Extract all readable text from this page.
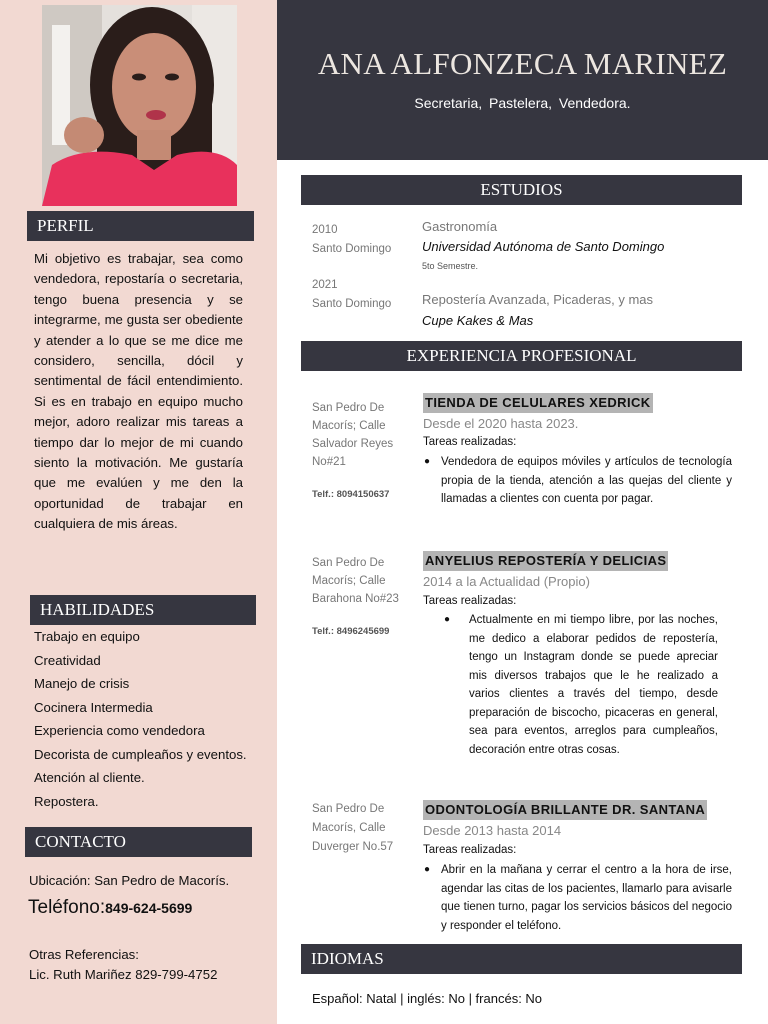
PERFIL
Mi objetivo es trabajar, sea como vendedora, repostaría o secretaria, tengo buena presencia y se integrarme, me gusta ser obediente y atender a lo que se me dice me considero, sencilla, dócil y sentimental de fácil entendimiento. Si es en trabajo en equipo mucho mejor, adoro realizar mis tareas a tiempo dar lo mejor de mi cuando siento la motivación. Me gustaría que me evalúen y me den la oportunidad de trabajar en cualquiera de mis áreas.
HABILIDADES
Trabajo en equipo
Creatividad
Manejo de crisis
Cocinera Intermedia
Experiencia como vendedora
Decorista de cumpleaños y eventos.
Atención al cliente.
Repostera.
CONTACTO
Ubicación: San Pedro de Macorís.
Teléfono:849-624-5699
Otras Referencias:
Lic. Ruth Mariñez 829-799-4752
ANA ALFONZECA MARINEZ
Secretaria, Pastelera, Vendedora.
ESTUDIOS
2010
Santo Domingo
Gastronomía
Universidad Autónoma de Santo Domingo
5to Semestre.
2021
Santo Domingo Repostería Avanzada, Picaderas, y mas
Cupe Kakes & Mas
EXPERIENCIA PROFESIONAL
San Pedro De
Macorís; Calle
Salvador Reyes
No#21
Telf.: 8094150637
TIENDA DE CELULARES XEDRICK
Desde el 2020 hasta 2023.
Tareas realizadas:
● Vendedora de equipos móviles y artículos de tecnología propia de la tienda, atención a las quejas del cliente y llamadas a clientes con cuenta por pagar.
San Pedro De
Macorís; Calle
Barahona No#23
Telf.: 8496245699
ANYELIUS REPOSTERÍA Y DELICIAS
2014 a la Actualidad (Propio)
Tareas realizadas:
● Actualmente en mi tiempo libre, por las noches, me dedico a elaborar pedidos de repostería, tengo un Instagram donde se puede apreciar mis diversos trabajos que le he realizado a varios clientes a través del tiempo, desde preparación de biscocho, picaceras en general, sea para eventos, arreglos para cumpleaños, decoración entre otras cosas.
San Pedro De
Macorís, Calle
Duverger No.57
ODONTOLOGÍA BRILLANTE DR. SANTANA
Desde 2013 hasta 2014
Tareas realizadas:
● Abrir en la mañana y cerrar el centro a la hora de irse, agendar las citas de los pacientes, llamarlo para avisarle que tienen turno, pagar los servicios básicos del negocio y responder el teléfono.
IDIOMAS
Español: Natal | inglés: No | francés: No
